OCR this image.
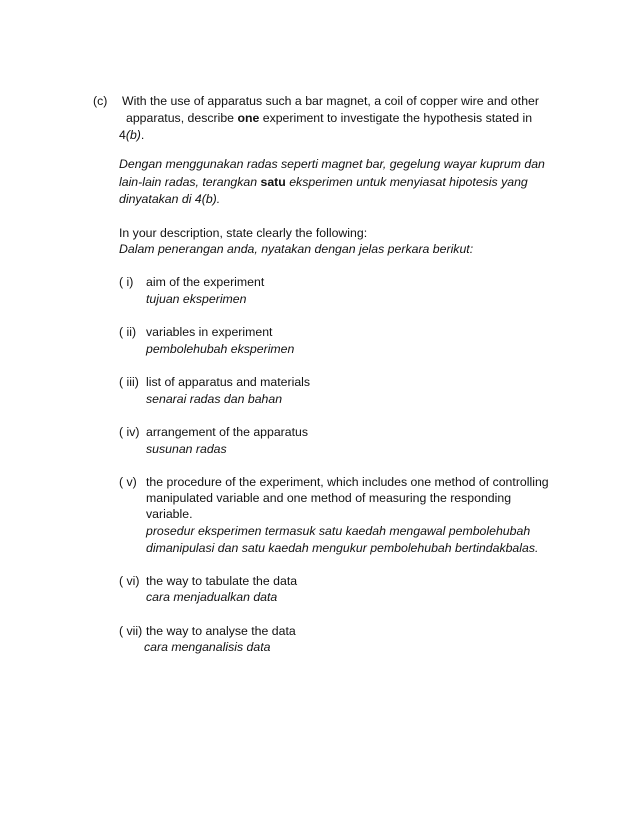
(c) With the use of apparatus such a bar magnet, a coil of copper wire and other
apparatus, describe one experiment to investigate the hypothesis stated in
4(b).
Dengan menggunakan radas seperti magnet bar, gegelung wayar kuprum dan
lain-lain radas, terangkan satu eksperimen untuk menyiasat hipotesis yang
dinyatakan di 4(b).
In your description, state clearly the following:
Dalam penerangan anda, nyatakan dengan jelas perkara berikut:
( i) aim of the experiment
tujuan eksperimen
( ii) variables in experiment
pembolehubah eksperimen
( iii) list of apparatus and materials
senarai radas dan bahan
( iv) arrangement of the apparatus
susunan radas
( v) the procedure of the experiment, which includes one method of controlling
manipulated variable and one method of measuring the responding
variable.
prosedur eksperimen termasuk satu kaedah mengawal pembolehubah
dimanipulasi dan satu kaedah mengukur pembolehubah bertindakbalas.
( vi) the way to tabulate the data
cara menjadualkan data
( vii) the way to analyse the data
cara menganalisis data
